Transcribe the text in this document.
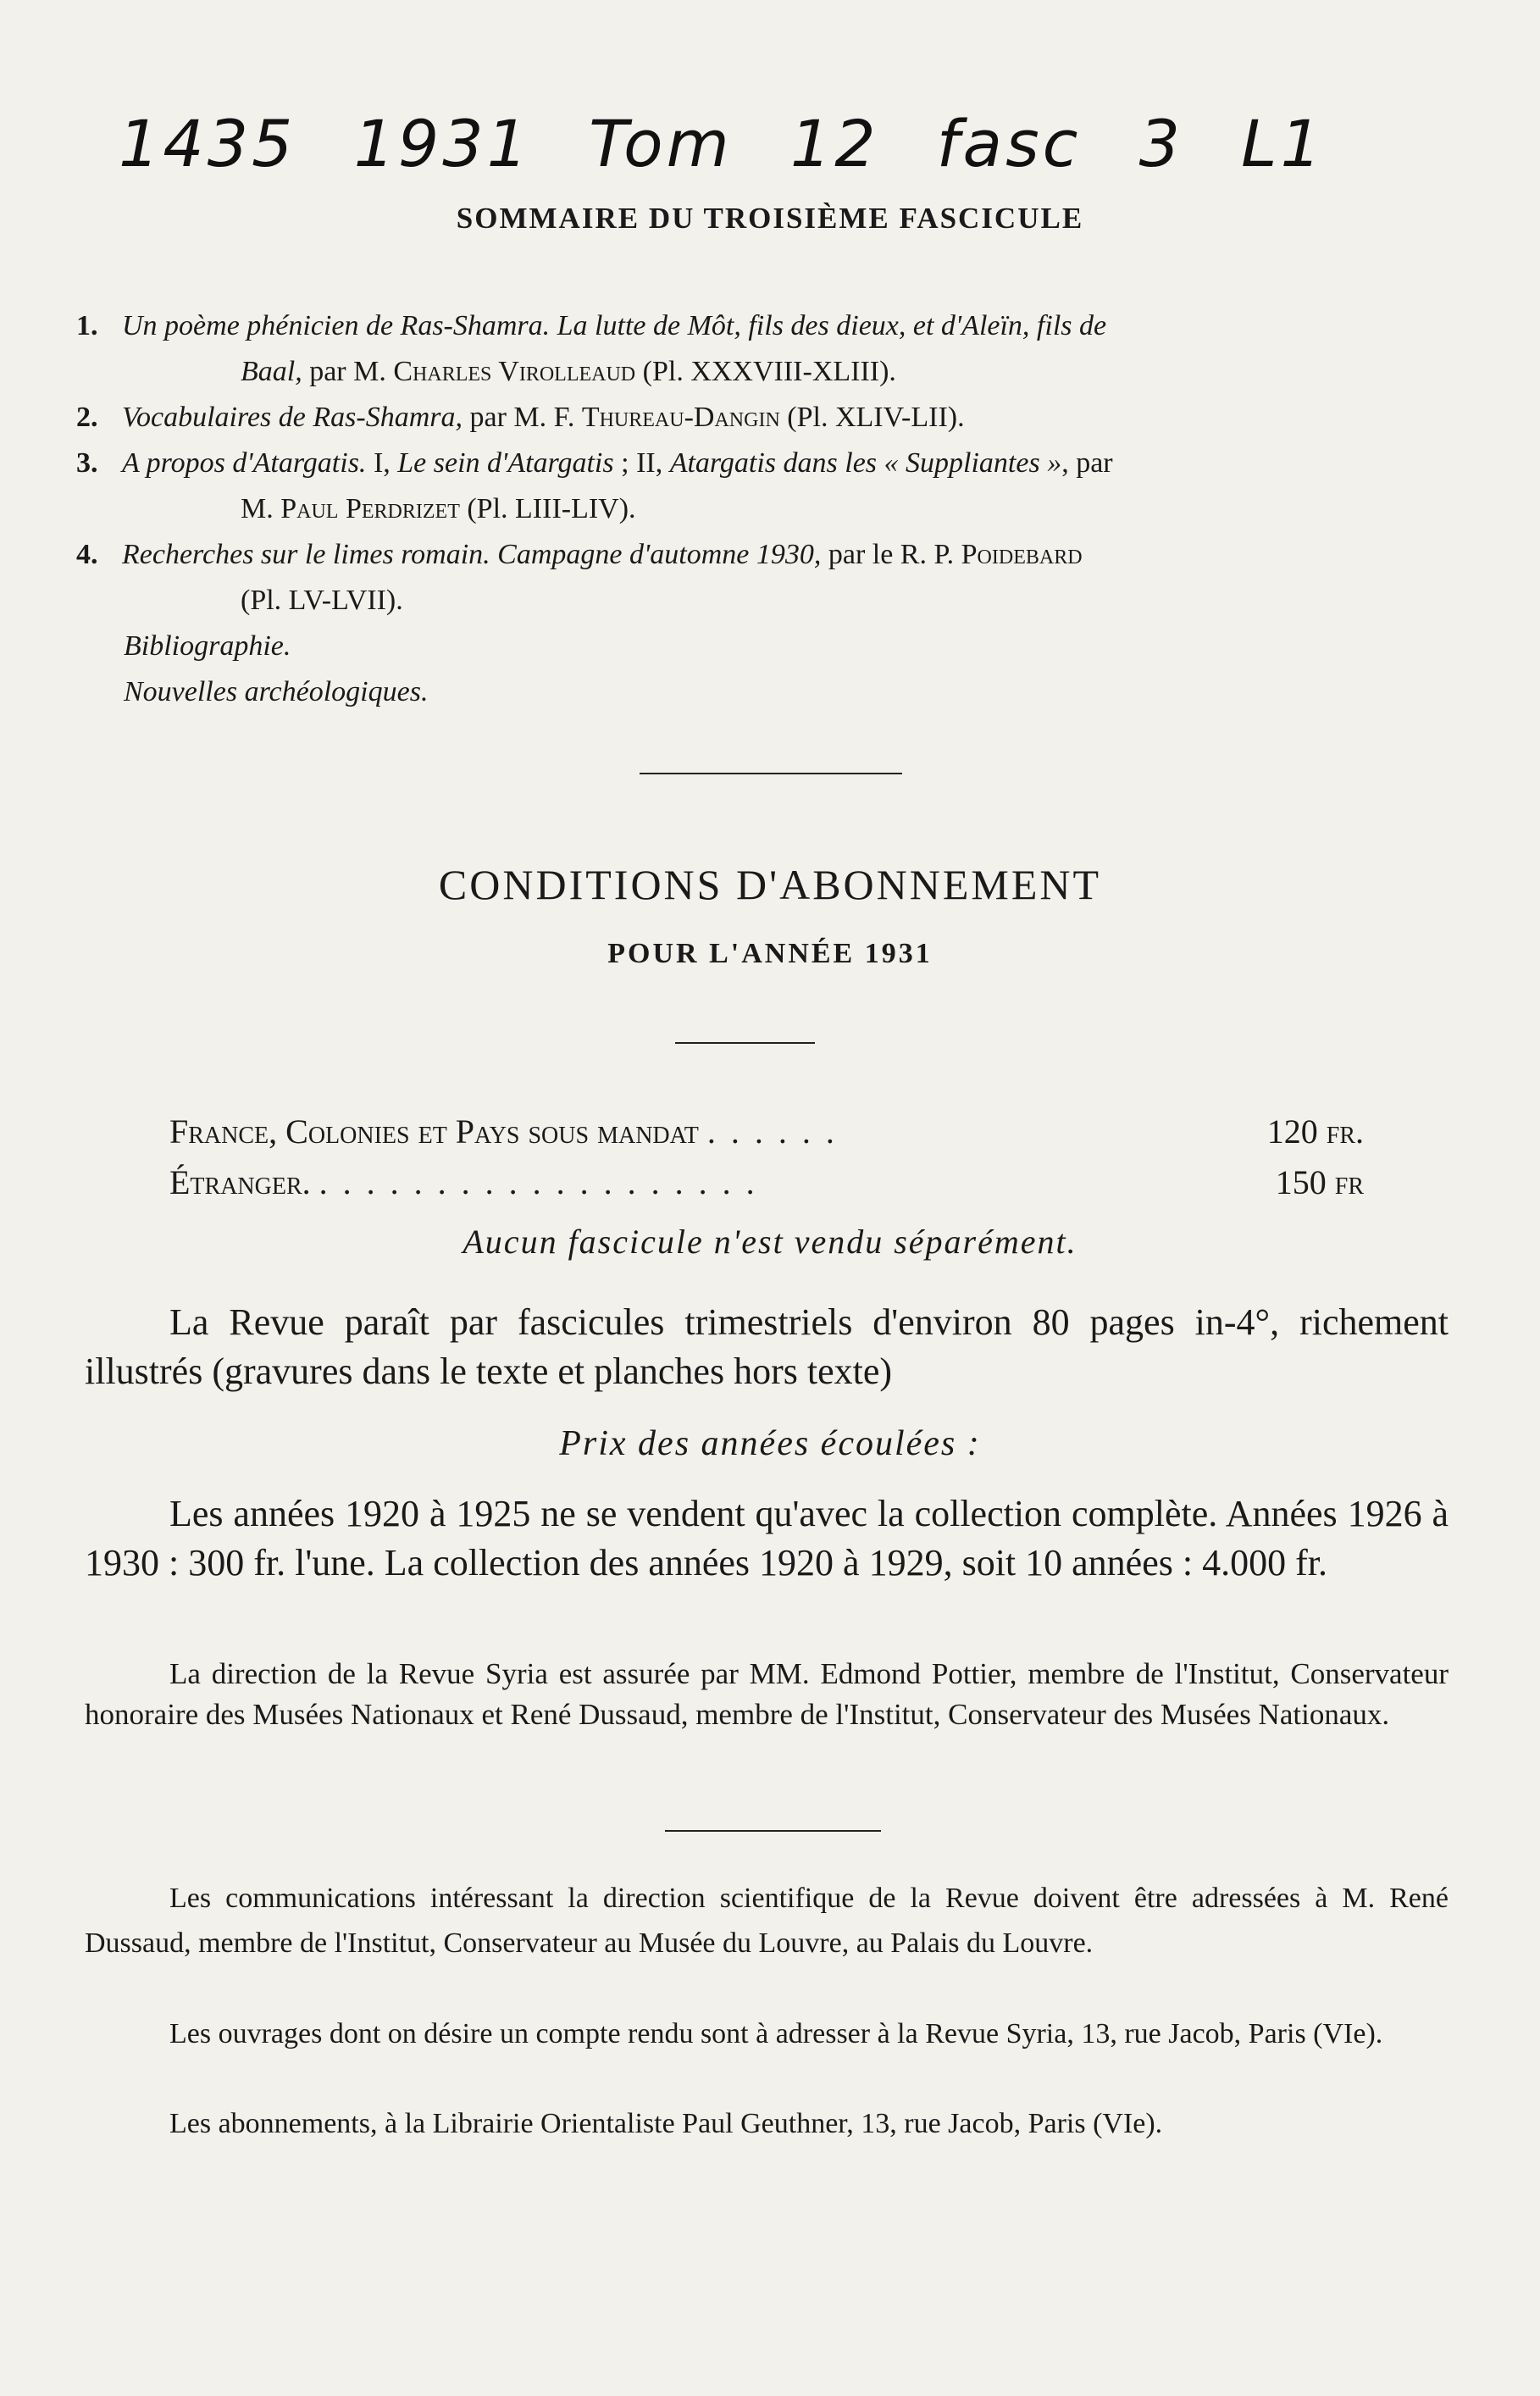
1435 1931 Tom 12 fasc 3 L1
SOMMAIRE DU TROISIÈME FASCICULE
1. Un poème phénicien de Ras-Shamra. La lutte de Môt, fils des dieux, et d'Aleïn, fils de
Baal, par M. Charles Virolleaud (Pl. XXXVIII-XLIII).
2. Vocabulaires de Ras-Shamra, par M. F. Thureau-Dangin (Pl. XLIV-LII).
3. A propos d'Atargatis. I, Le sein d'Atargatis ; II, Atargatis dans les « Suppliantes », par
M. Paul Perdrizet (Pl. LIII-LIV).
4. Recherches sur le limes romain. Campagne d'automne 1930, par le R. P. Poidebard
(Pl. LV-LVII).
Bibliographie.
Nouvelles archéologiques.
CONDITIONS D'ABONNEMENT
POUR L'ANNÉE 1931
France, Colonies et Pays sous mandat ......	120 fr.
Étranger. ...................	150 fr
Aucun fascicule n'est vendu séparément.
La Revue paraît par fascicules trimestriels d'environ 80 pages in-4°, richement illustrés (gravures dans le texte et planches hors texte)
Prix des années écoulées :
Les années 1920 à 1925 ne se vendent qu'avec la collection complète. Années 1926 à 1930 : 300 fr. l'une. La collection des années 1920 à 1929, soit 10 années : 4.000 fr.
La direction de la Revue Syria est assurée par MM. Edmond Pottier, membre de l'Institut, Conservateur honoraire des Musées Nationaux et René Dussaud, membre de l'Institut, Conservateur des Musées Nationaux.
Les communications intéressant la direction scientifique de la Revue doivent être adressées à M. René Dussaud, membre de l'Institut, Conservateur au Musée du Louvre, au Palais du Louvre.
Les ouvrages dont on désire un compte rendu sont à adresser à la Revue Syria, 13, rue Jacob, Paris (VIe).
Les abonnements, à la Librairie Orientaliste Paul Geuthner, 13, rue Jacob, Paris (VIe).
